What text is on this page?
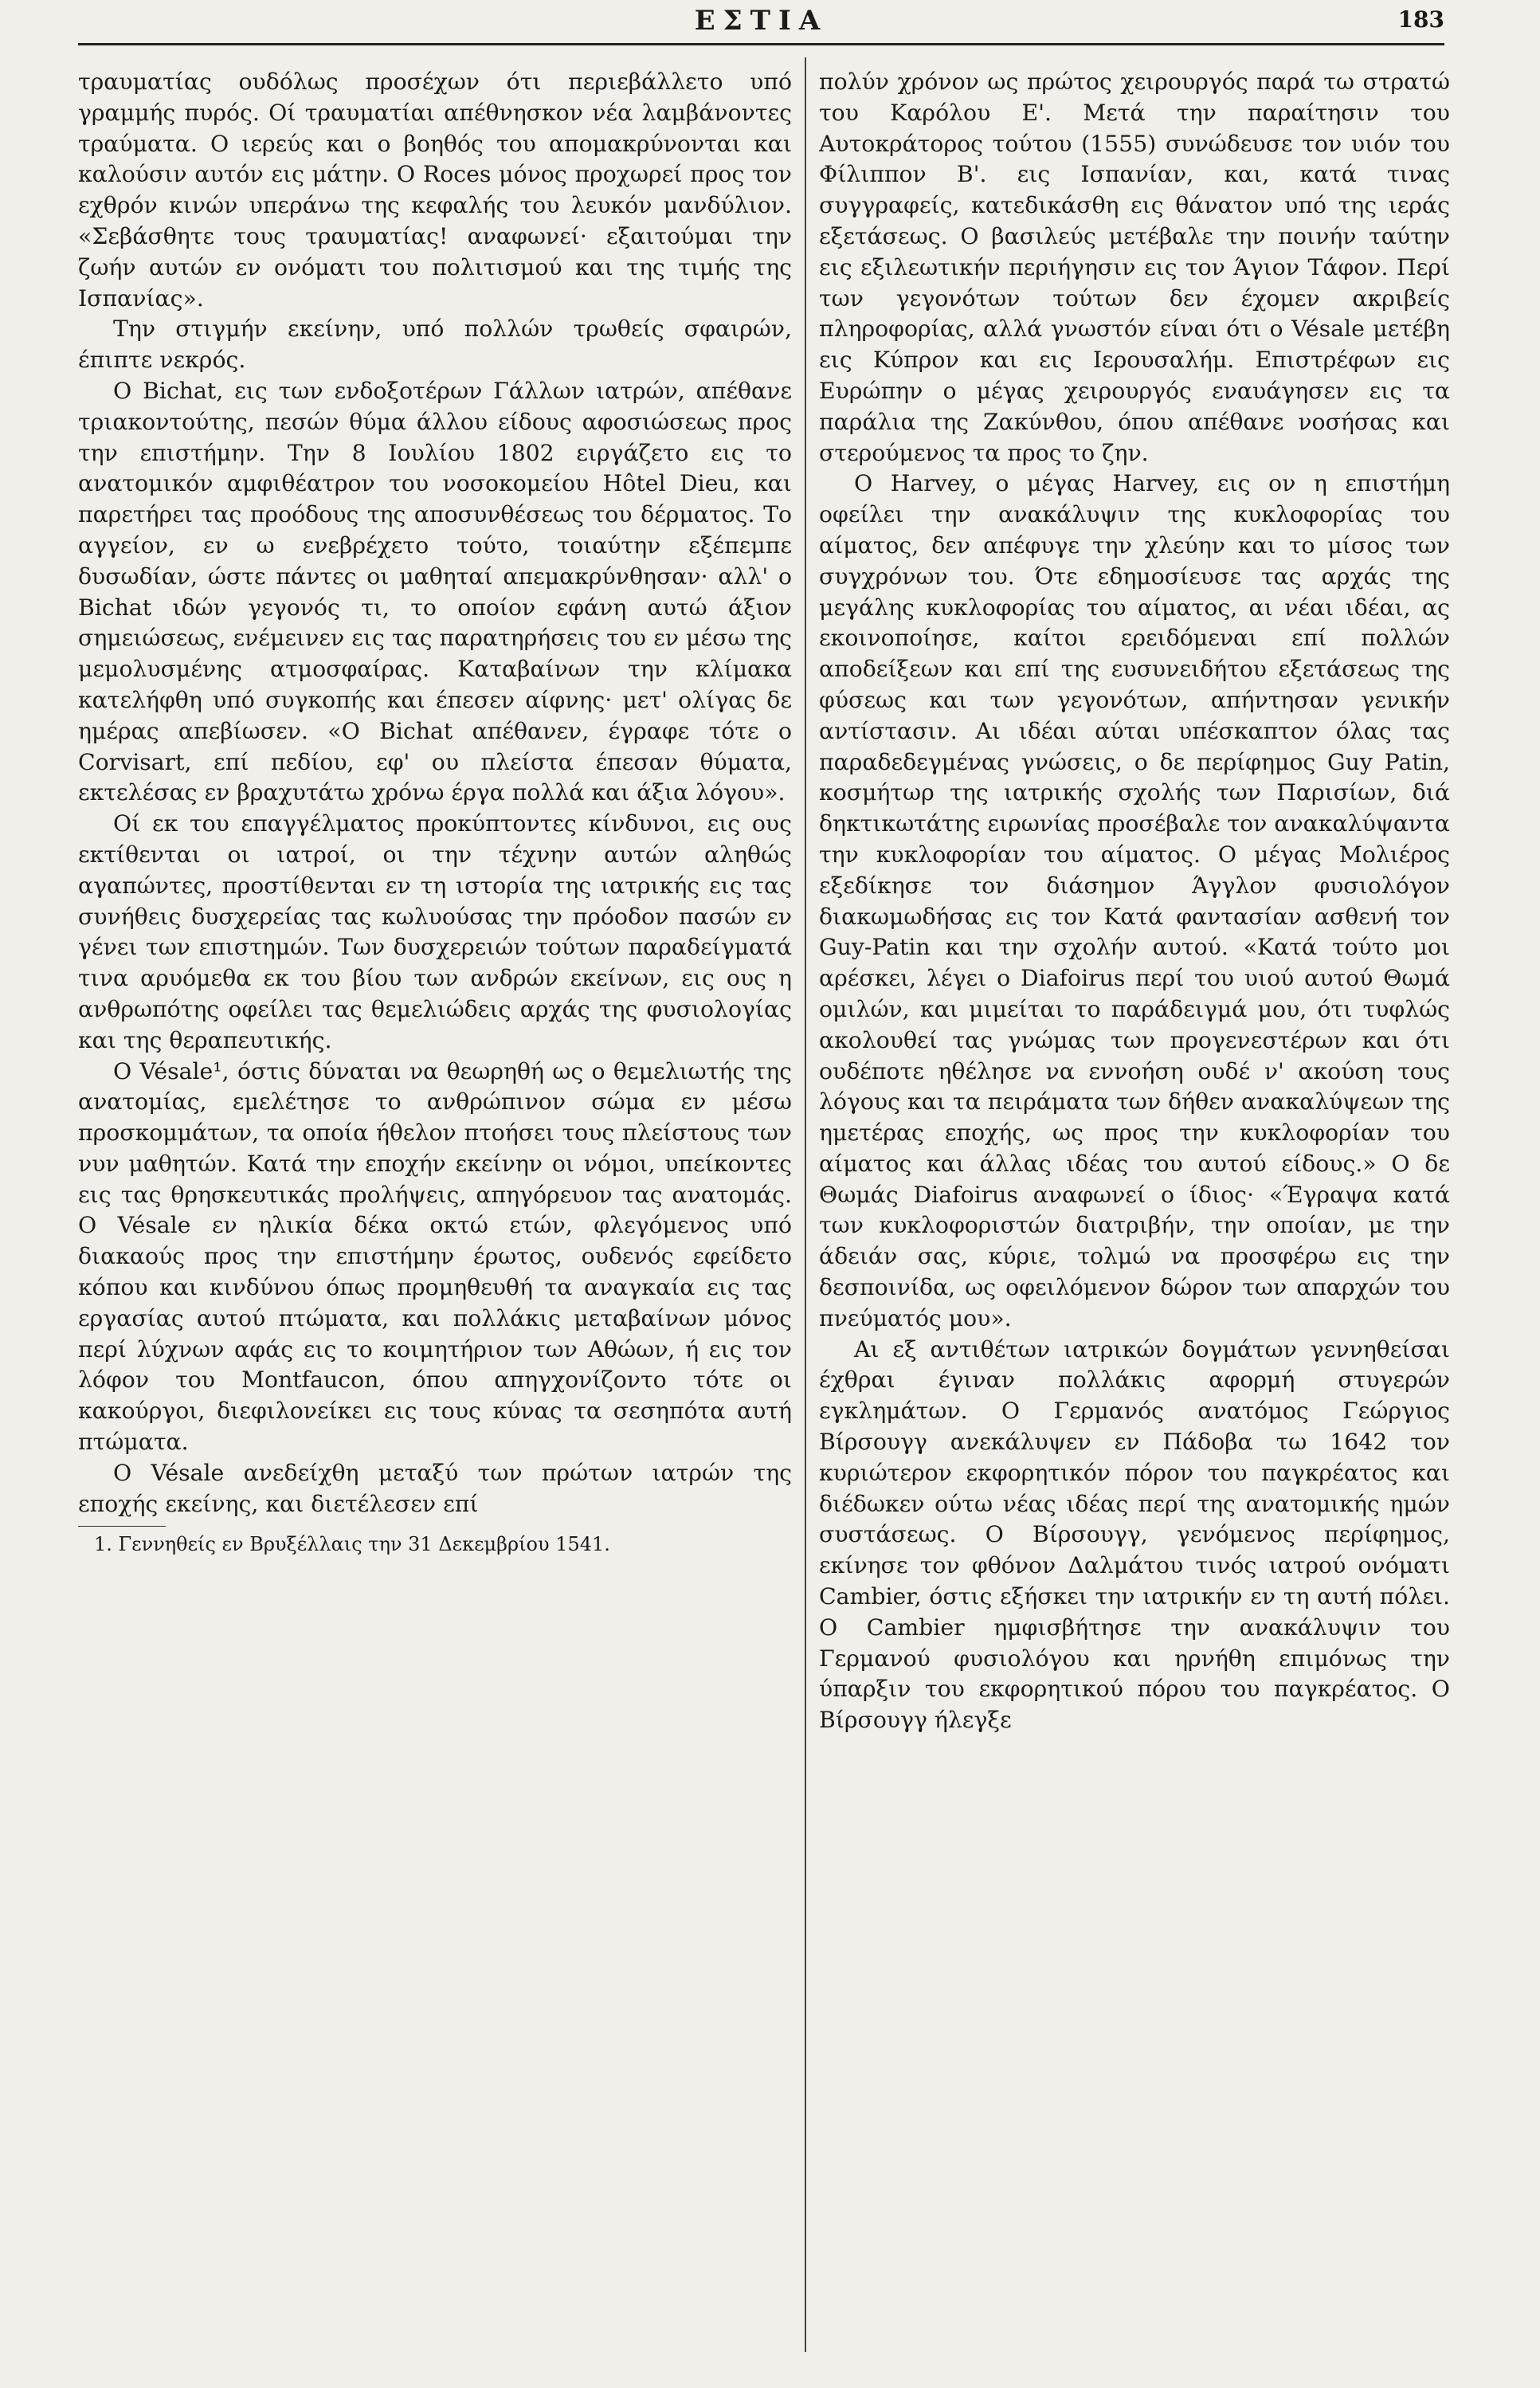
ΕΣΤΙΑ	183

τραυματίας ουδόλως προσέχων ότι περιεβάλλετο υπό γραμμής πυρός. Οί τραυματίαι απέθνησκον νέα λαμβάνοντες τραύματα. Ο ιερεύς και ο βοηθός του απομακρύνονται και καλούσιν αυτόν εις μάτην. Ο Roces μόνος προχωρεί προς τον εχθρόν κινών υπεράνω της κεφαλής του λευκόν μανδύλιον. «Σεβάσθητε τους τραυματίας! αναφωνεί· εξαιτούμαι την ζωήν αυτών εν ονόματι του πολιτισμού και της τιμής της Ισπανίας».

Την στιγμήν εκείνην, υπό πολλών τρωθείς σφαιρών, έπιπτε νεκρός.

Ο Bichat, εις των ενδοξοτέρων Γάλλων ιατρών, απέθανε τριακοντούτης, πεσών θύμα άλλου είδους αφοσιώσεως προς την επιστήμην. Την 8 Ιουλίου 1802 ειργάζετο εις το ανατομικόν αμφιθέατρον του νοσοκομείου Hôtel Dieu, και παρετήρει τας προόδους της αποσυνθέσεως του δέρματος. Το αγγείον, εν ω ενεβρέχετο τούτο, τοιαύτην εξέπεμπε δυσωδίαν, ώστε πάντες οι μαθηταί απεμακρύνθησαν· αλλ' ο Bichat ιδών γεγονός τι, το οποίον εφάνη αυτώ άξιον σημειώσεως, ενέμεινεν εις τας παρατηρήσεις του εν μέσω της μεμολυσμένης ατμοσφαίρας. Καταβαίνων την κλίμακα κατελήφθη υπό συγκοπής και έπεσεν αίφνης· μετ' ολίγας δε ημέρας απεβίωσεν. «Ο Bichat απέθανεν, έγραφε τότε ο Corvisart, επί πεδίου, εφ' ου πλείστα έπεσαν θύματα, εκτελέσας εν βραχυτάτω χρόνω έργα πολλά και άξια λόγου».

Οί εκ του επαγγέλματος προκύπτοντες κίνδυνοι, εις ους εκτίθενται οι ιατροί, οι την τέχνην αυτών αληθώς αγαπώντες, προστίθενται εν τη ιστορία της ιατρικής εις τας συνήθεις δυσχερείας τας κωλυούσας την πρόοδον πασών εν γένει των επιστημών. Των δυσχερειών τούτων παραδείγματά τινα αρυόμεθα εκ του βίου των ανδρών εκείνων, εις ους η ανθρωπότης οφείλει τας θεμελιώδεις αρχάς της φυσιολογίας και της θεραπευτικής.

Ο Vésale¹, όστις δύναται να θεωρηθή ως ο θεμελιωτής της ανατομίας, εμελέτησε το ανθρώπινον σώμα εν μέσω προσκομμάτων, τα οποία ήθελον πτοήσει τους πλείστους των νυν μαθητών. Κατά την εποχήν εκείνην οι νόμοι, υπείκοντες εις τας θρησκευτικάς προλήψεις, απηγόρευον τας ανατομάς. Ο Vésale εν ηλικία δέκα οκτώ ετών, φλεγόμενος υπό διακαούς προς την επιστήμην έρωτος, ουδενός εφείδετο κόπου και κινδύνου όπως προμηθευθή τα αναγκαία εις τας εργασίας αυτού πτώματα, και πολλάκις μεταβαίνων μόνος περί λύχνων αφάς εις το κοιμητήριον των Αθώων, ή εις τον λόφον του Montfaucon, όπου απηγχονίζοντο τότε οι κακούργοι, διεφιλονείκει εις τους κύνας τα σεσηπότα αυτή πτώματα.

Ο Vésale ανεδείχθη μεταξύ των πρώτων ιατρών της εποχής εκείνης, και διετέλεσεν επί

1. Γεννηθείς εν Βρυξέλλαις την 31 Δεκεμβρίου 1541.

πολύν χρόνον ως πρώτος χειρουργός παρά τω στρατώ του Καρόλου Ε'. Μετά την παραίτησιν του Αυτοκράτορος τούτου (1555) συνώδευσε τον υιόν του Φίλιππον Β'. εις Ισπανίαν, και, κατά τινας συγγραφείς, κατεδικάσθη εις θάνατον υπό της ιεράς εξετάσεως. Ο βασιλεύς μετέβαλε την ποινήν ταύτην εις εξιλεωτικήν περιήγησιν εις τον Άγιον Τάφον. Περί των γεγονότων τούτων δεν έχομεν ακριβείς πληροφορίας, αλλά γνωστόν είναι ότι ο Vésale μετέβη εις Κύπρον και εις Ιερουσαλήμ. Επιστρέφων εις Ευρώπην ο μέγας χειρουργός εναυάγησεν εις τα παράλια της Ζακύνθου, όπου απέθανε νοσήσας και στερούμενος τα προς το ζην.

Ο Harvey, ο μέγας Harvey, εις ον η επιστήμη οφείλει την ανακάλυψιν της κυκλοφορίας του αίματος, δεν απέφυγε την χλεύην και το μίσος των συγχρόνων του. Ότε εδημοσίευσε τας αρχάς της μεγάλης κυκλοφορίας του αίματος, αι νέαι ιδέαι, ας εκοινοποίησε, καίτοι ερειδόμεναι επί πολλών αποδείξεων και επί της ευσυνειδήτου εξετάσεως της φύσεως και των γεγονότων, απήντησαν γενικήν αντίστασιν. Αι ιδέαι αύται υπέσκαπτον όλας τας παραδεδεγμένας γνώσεις, ο δε περίφημος Guy Patin, κοσμήτωρ της ιατρικής σχολής των Παρισίων, διά δηκτικωτάτης ειρωνίας προσέβαλε τον ανακαλύψαντα την κυκλοφορίαν του αίματος. Ο μέγας Μολιέρος εξεδίκησε τον διάσημον Άγγλον φυσιολόγον διακωμωδήσας εις τον Κατά φαντασίαν ασθενή τον Guy-Patin και την σχολήν αυτού. «Κατά τούτο μοι αρέσκει, λέγει ο Diafoirus περί του υιού αυτού Θωμά ομιλών, και μιμείται το παράδειγμά μου, ότι τυφλώς ακολουθεί τας γνώμας των προγενεστέρων και ότι ουδέποτε ηθέλησε να εννοήση ουδέ ν' ακούση τους λόγους και τα πειράματα των δήθεν ανακαλύψεων της ημετέρας εποχής, ως προς την κυκλοφορίαν του αίματος και άλλας ιδέας του αυτού είδους.» Ο δε Θωμάς Diafoirus αναφωνεί ο ίδιος· «Έγραψα κατά των κυκλοφοριστών διατριβήν, την οποίαν, με την άδειάν σας, κύριε, τολμώ να προσφέρω εις την δεσποινίδα, ως οφειλόμενον δώρον των απαρχών του πνεύματός μου».

Αι εξ αντιθέτων ιατρικών δογμάτων γεννηθείσαι έχθραι έγιναν πολλάκις αφορμή στυγερών εγκλημάτων. Ο Γερμανός ανατόμος Γεώργιος Βίρσουγγ ανεκάλυψεν εν Πάδοβα τω 1642 τον κυριώτερον εκφορητικόν πόρον του παγκρέατος και διέδωκεν ούτω νέας ιδέας περί της ανατομικής ημών συστάσεως. Ο Βίρσουγγ, γενόμενος περίφημος, εκίνησε τον φθόνον Δαλμάτου τινός ιατρού ονόματι Cambier, όστις εξήσκει την ιατρικήν εν τη αυτή πόλει. Ο Cambier ημφισβήτησε την ανακάλυψιν του Γερμανού φυσιολόγου και ηρνήθη επιμόνως την ύπαρξιν του εκφορητικού πόρου του παγκρέατος. Ο Βίρσουγγ ήλεγξε
